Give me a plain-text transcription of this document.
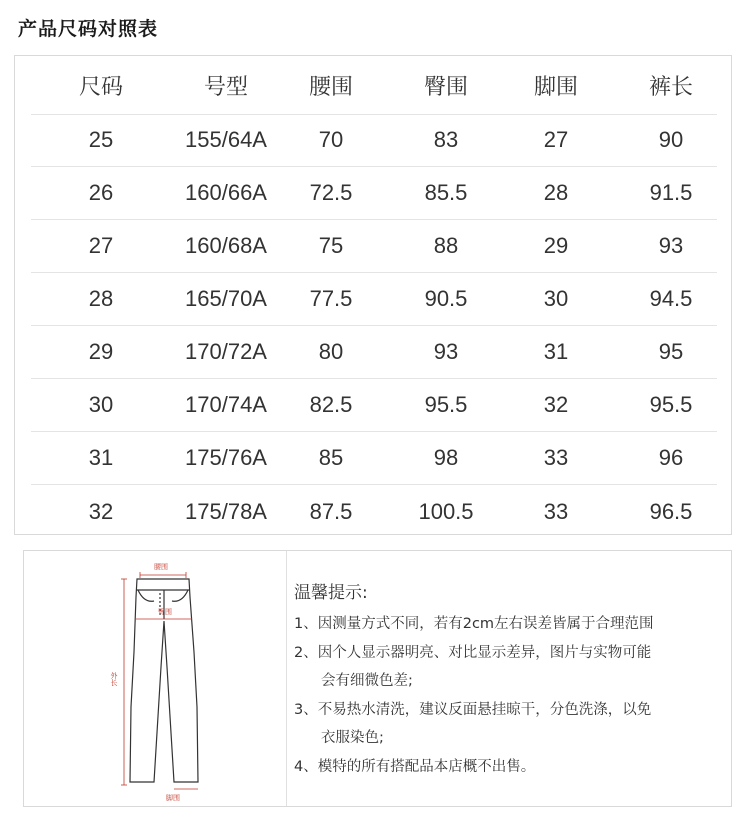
产品尺码对照表
尺码	号型	腰围	臀围	脚围	裤长
25	155/64A	70	83	27	90
26	160/66A	72.5	85.5	28	91.5
27	160/68A	75	88	29	93
28	165/70A	77.5	90.5	30	94.5
29	170/72A	80	93	31	95
30	170/74A	82.5	95.5	32	95.5
31	175/76A	85	98	33	96
32	175/78A	87.5	100.5	33	96.5
腰围
臀围
外长
脚围
温馨提示:
1、因测量方式不同，若有2cm左右误差皆属于合理范围
2、因个人显示器明亮、对比显示差异，图片与实物可能
会有细微色差;
3、不易热水清洗，建议反面悬挂晾干，分色洗涤，以免
衣服染色;
4、模特的所有搭配品本店概不出售。
